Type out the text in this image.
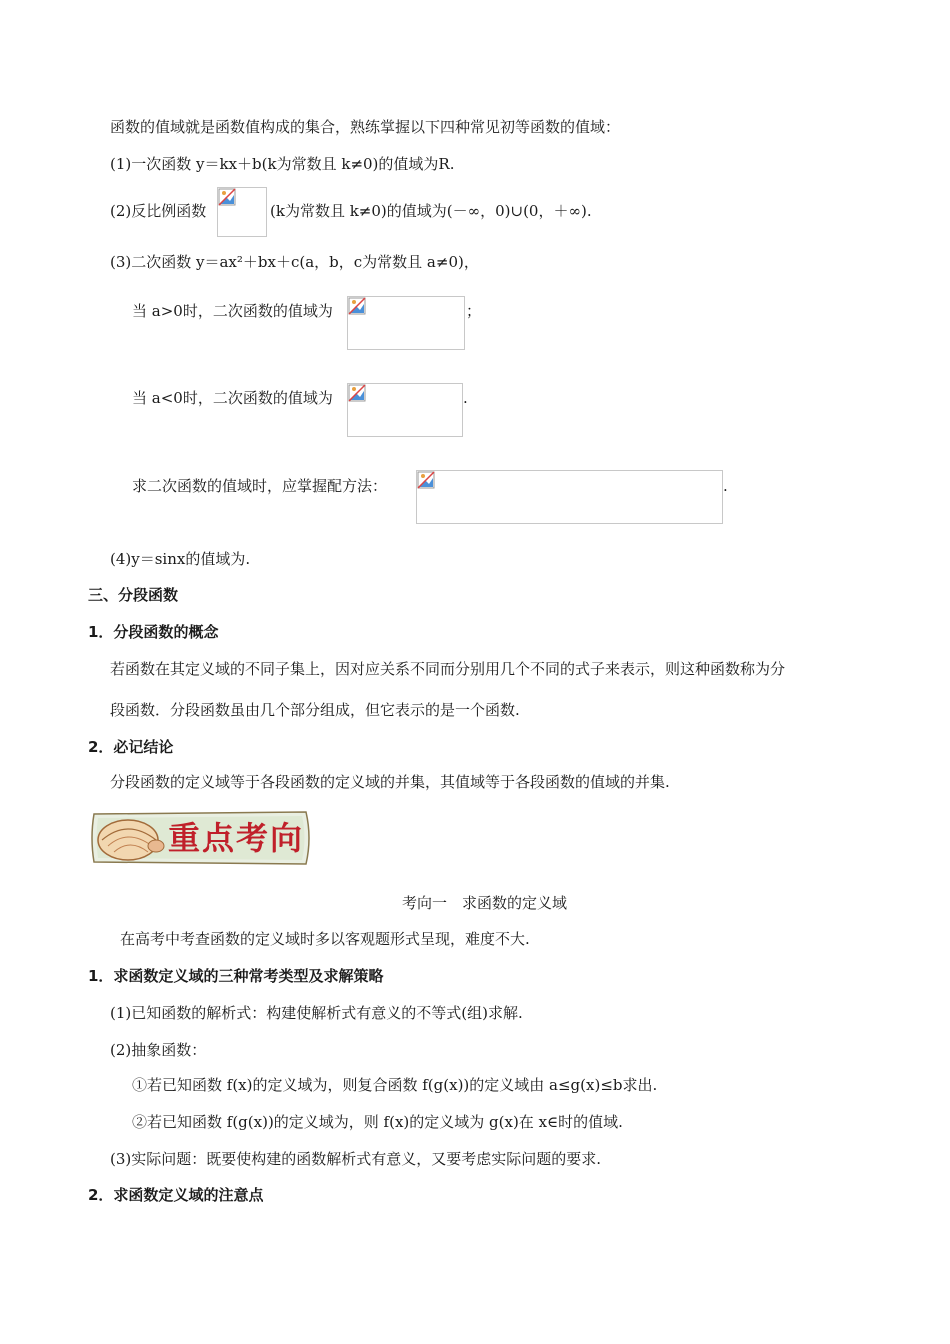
函数的值域就是函数值构成的集合，熟练掌握以下四种常见初等函数的值域：
(1)一次函数 y＝kx＋b(k为常数且 k≠0)的值域为R.
(2)反比例函数	(k为常数且 k≠0)的值域为(－∞，0)∪(0，＋∞).
(3)二次函数 y＝ax²＋bx＋c(a，b，c为常数且 a≠0)，
当 a>0时，二次函数的值域为	；
当 a<0时，二次函数的值域为	.
求二次函数的值域时，应掌握配方法：	.
(4)y＝sinx的值域为.
三、分段函数
1．分段函数的概念
若函数在其定义域的不同子集上，因对应关系不同而分别用几个不同的式子来表示，则这种函数称为分
段函数．分段函数虽由几个部分组成，但它表示的是一个函数.
2．必记结论
分段函数的定义域等于各段函数的定义域的并集，其值域等于各段函数的值域的并集.
重点考向
考向一　求函数的定义域
在高考中考查函数的定义域时多以客观题形式呈现，难度不大.
1．求函数定义域的三种常考类型及求解策略
(1)已知函数的解析式：构建使解析式有意义的不等式(组)求解.
(2)抽象函数：
①若已知函数 f(x)的定义域为，则复合函数 f(g(x))的定义域由 a≤g(x)≤b求出.
②若已知函数 f(g(x))的定义域为，则 f(x)的定义域为 g(x)在 x∈时的值域.
(3)实际问题：既要使构建的函数解析式有意义，又要考虑实际问题的要求.
2．求函数定义域的注意点
